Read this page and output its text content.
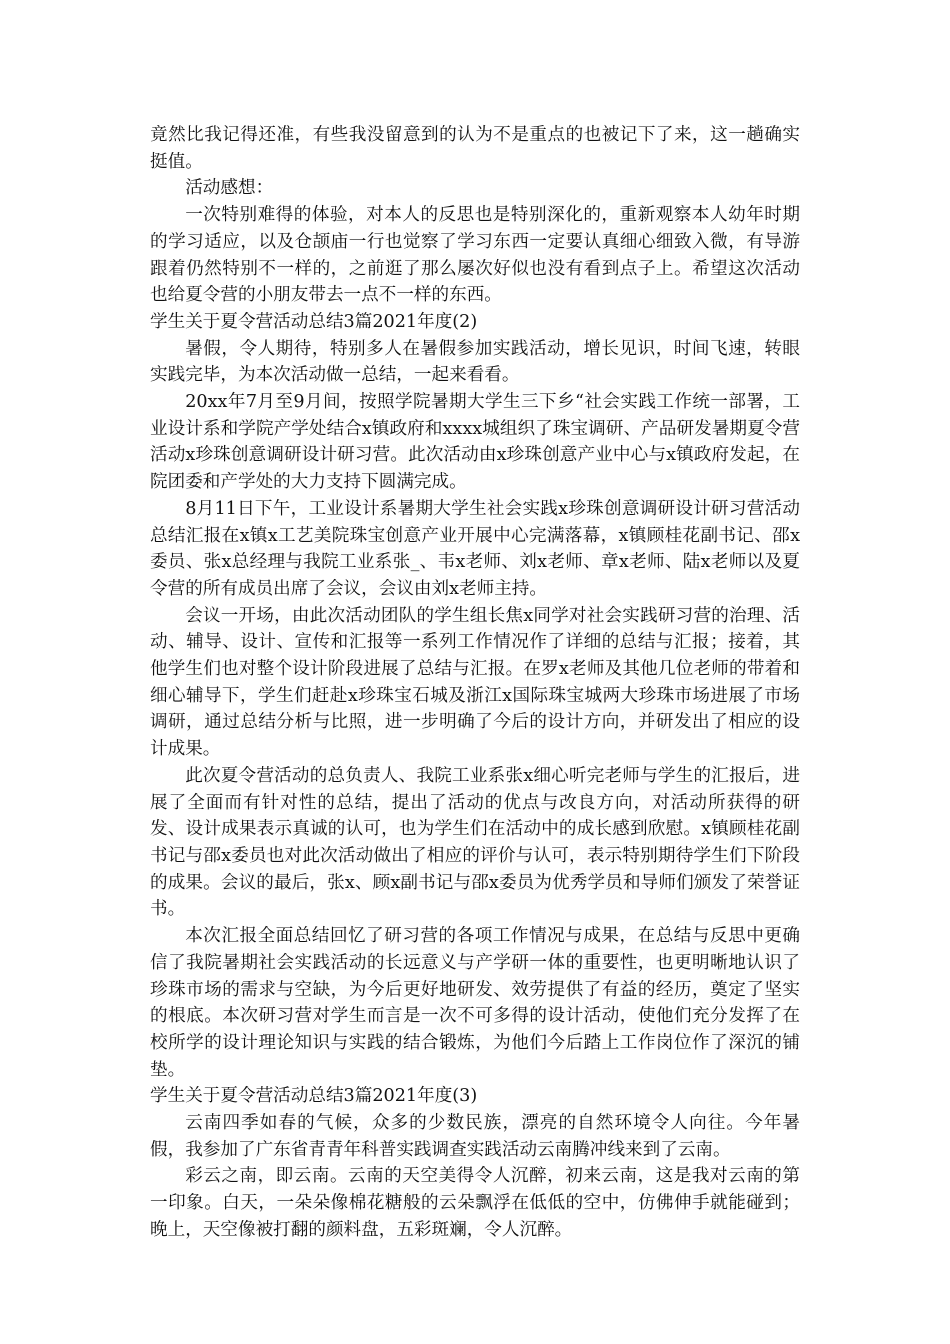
竟然比我记得还准，有些我没留意到的认为不是重点的也被记下了来，这一趟确实挺值。

活动感想：

一次特别难得的体验，对本人的反思也是特别深化的，重新观察本人幼年时期的学习适应，以及仓颉庙一行也觉察了学习东西一定要认真细心细致入微，有导游跟着仍然特别不一样的，之前逛了那么屡次好似也没有看到点子上。希望这次活动也给夏令营的小朋友带去一点不一样的东西。

学生关于夏令营活动总结3篇2021年度(2)

暑假，令人期待，特别多人在暑假参加实践活动，增长见识，时间飞速，转眼实践完毕，为本次活动做一总结，一起来看看。

20xx年7月至9月间，按照学院暑期大学生三下乡“社会实践工作统一部署，工业设计系和学院产学处结合x镇政府和xxxx城组织了珠宝调研、产品研发暑期夏令营活动x珍珠创意调研设计研习营。此次活动由x珍珠创意产业中心与x镇政府发起，在院团委和产学处的大力支持下圆满完成。

8月11日下午，工业设计系暑期大学生社会实践x珍珠创意调研设计研习营活动总结汇报在x镇x工艺美院珠宝创意产业开展中心完满落幕，x镇顾桂花副书记、邵x委员、张x总经理与我院工业系张_、韦x老师、刘x老师、章x老师、陆x老师以及夏令营的所有成员出席了会议，会议由刘x老师主持。

会议一开场，由此次活动团队的学生组长焦x同学对社会实践研习营的治理、活动、辅导、设计、宣传和汇报等一系列工作情况作了详细的总结与汇报；接着，其他学生们也对整个设计阶段进展了总结与汇报。在罗x老师及其他几位老师的带着和细心辅导下，学生们赶赴x珍珠宝石城及浙江x国际珠宝城两大珍珠市场进展了市场调研，通过总结分析与比照，进一步明确了今后的设计方向，并研发出了相应的设计成果。

此次夏令营活动的总负责人、我院工业系张x细心听完老师与学生的汇报后，进展了全面而有针对性的总结，提出了活动的优点与改良方向，对活动所获得的研发、设计成果表示真诚的认可，也为学生们在活动中的成长感到欣慰。x镇顾桂花副书记与邵x委员也对此次活动做出了相应的评价与认可，表示特别期待学生们下阶段的成果。会议的最后，张x、顾x副书记与邵x委员为优秀学员和导师们颁发了荣誉证书。

本次汇报全面总结回忆了研习营的各项工作情况与成果，在总结与反思中更确信了我院暑期社会实践活动的长远意义与产学研一体的重要性，也更明晰地认识了珍珠市场的需求与空缺，为今后更好地研发、效劳提供了有益的经历，奠定了坚实的根底。本次研习营对学生而言是一次不可多得的设计活动，使他们充分发挥了在校所学的设计理论知识与实践的结合锻炼，为他们今后踏上工作岗位作了深沉的铺垫。

学生关于夏令营活动总结3篇2021年度(3)

云南四季如春的气候，众多的少数民族，漂亮的自然环境令人向往。今年暑假，我参加了广东省青青年科普实践调查实践活动云南腾冲线来到了云南。

彩云之南，即云南。云南的天空美得令人沉醉，初来云南，这是我对云南的第一印象。白天，一朵朵像棉花糖般的云朵飘浮在低低的空中，仿佛伸手就能碰到；晚上，天空像被打翻的颜料盘，五彩斑斓，令人沉醉。
